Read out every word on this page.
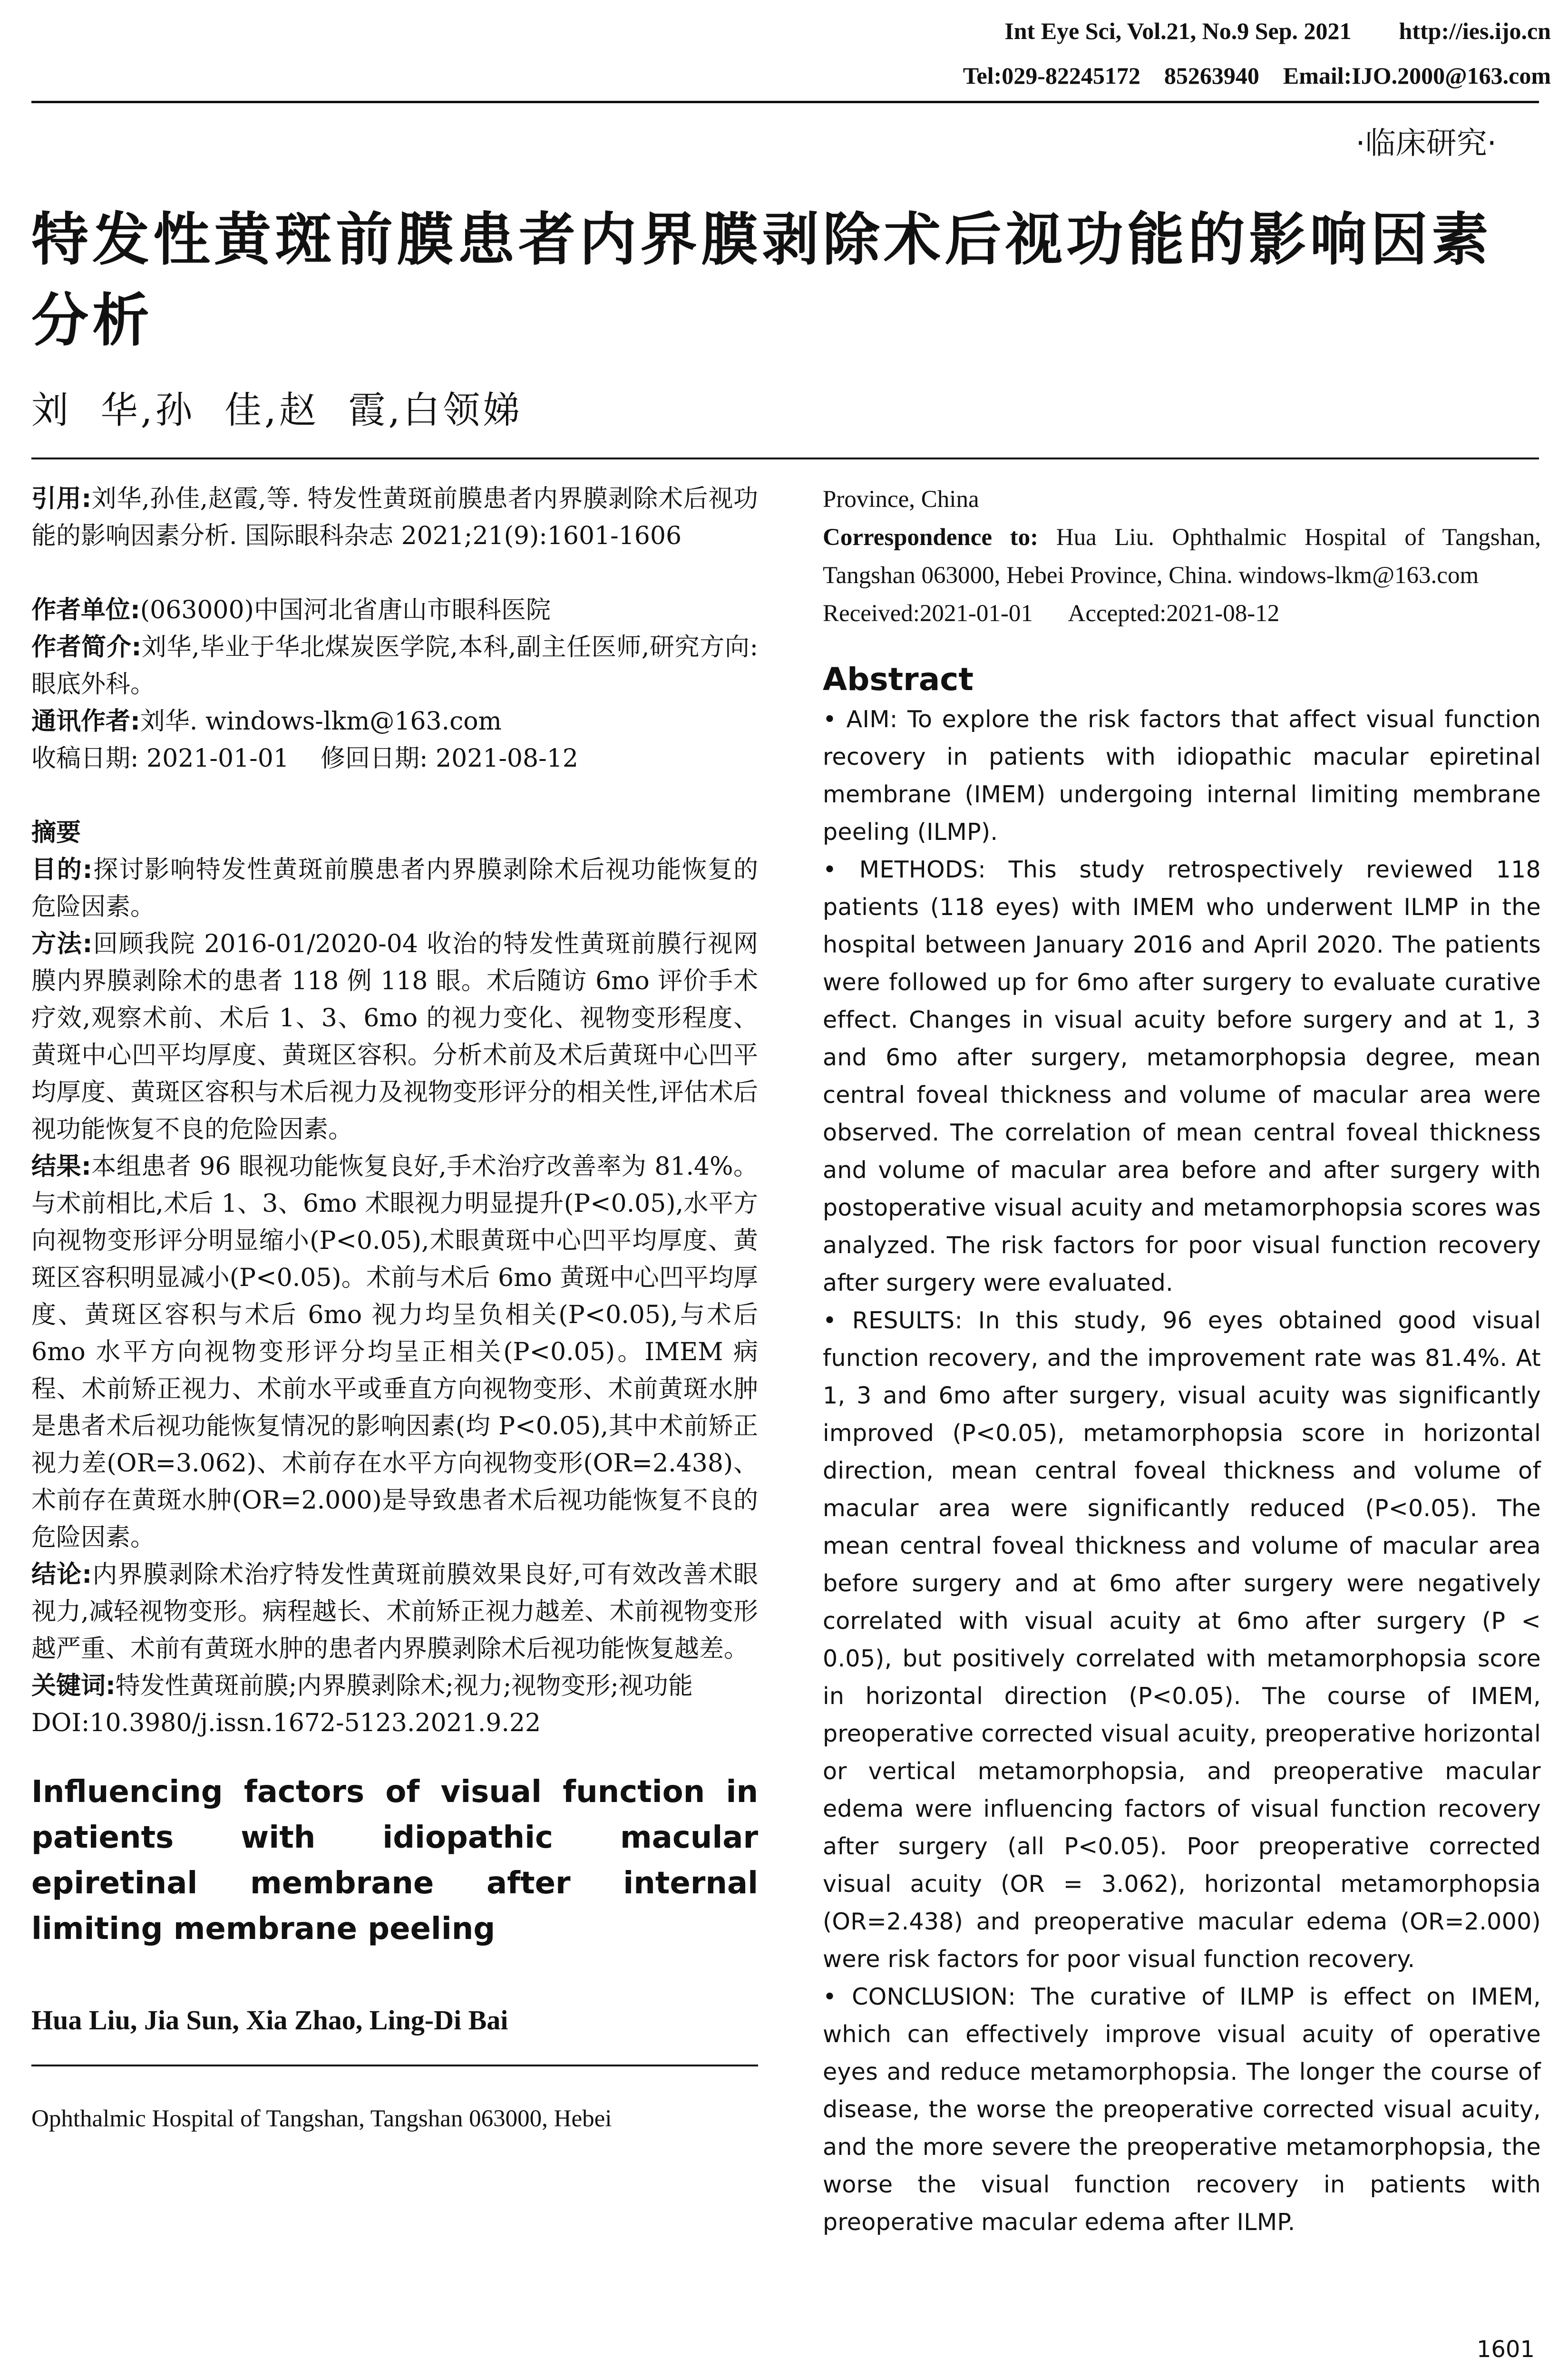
Int Eye Sci, Vol.21, No.9 Sep. 2021        http://ies.ijo.cn
Tel:029-82245172    85263940    Email:IJO.2000@163.com
·临床研究·
特发性黄斑前膜患者内界膜剥除术后视功能的影响因素分析
刘  华,孙  佳,赵  霞,白领娣

引用:刘华,孙佳,赵霞,等. 特发性黄斑前膜患者内界膜剥除术后视功能的影响因素分析. 国际眼科杂志 2021;21(9):1601-1606

作者单位:(063000)中国河北省唐山市眼科医院

作者简介:刘华,毕业于华北煤炭医学院,本科,副主任医师,研究方向:眼底外科。

通讯作者:刘华. windows-lkm@163.com

收稿日期: 2021-01-01    修回日期: 2021-08-12

摘要

目的:探讨影响特发性黄斑前膜患者内界膜剥除术后视功能恢复的危险因素。

方法:回顾我院 2016-01/2020-04 收治的特发性黄斑前膜行视网膜内界膜剥除术的患者 118 例 118 眼。术后随访 6mo 评价手术疗效,观察术前、术后 1、3、6mo 的视力变化、视物变形程度、黄斑中心凹平均厚度、黄斑区容积。分析术前及术后黄斑中心凹平均厚度、黄斑区容积与术后视力及视物变形评分的相关性,评估术后视功能恢复不良的危险因素。

结果:本组患者 96 眼视功能恢复良好,手术治疗改善率为 81.4%。与术前相比,术后 1、3、6mo 术眼视力明显提升(P<0.05),水平方向视物变形评分明显缩小(P<0.05),术眼黄斑中心凹平均厚度、黄斑区容积明显减小(P<0.05)。术前与术后 6mo 黄斑中心凹平均厚度、黄斑区容积与术后 6mo 视力均呈负相关(P<0.05),与术后 6mo 水平方向视物变形评分均呈正相关(P<0.05)。IMEM 病程、术前矫正视力、术前水平或垂直方向视物变形、术前黄斑水肿是患者术后视功能恢复情况的影响因素(均 P<0.05),其中术前矫正视力差(OR=3.062)、术前存在水平方向视物变形(OR=2.438)、术前存在黄斑水肿(OR=2.000)是导致患者术后视功能恢复不良的危险因素。

结论:内界膜剥除术治疗特发性黄斑前膜效果良好,可有效改善术眼视力,减轻视物变形。病程越长、术前矫正视力越差、术前视物变形越严重、术前有黄斑水肿的患者内界膜剥除术后视功能恢复越差。

关键词:特发性黄斑前膜;内界膜剥除术;视力;视物变形;视功能

DOI:10.3980/j.issn.1672-5123.2021.9.22

Influencing factors of visual function in patients with idiopathic macular epiretinal membrane after internal limiting membrane peeling

Hua Liu, Jia Sun, Xia Zhao, Ling-Di Bai

Ophthalmic Hospital of Tangshan, Tangshan 063000, Hebei

Province, China

Correspondence to: Hua Liu. Ophthalmic Hospital of Tangshan, Tangshan 063000, Hebei Province, China. windows-lkm@163.com

Received:2021-01-01      Accepted:2021-08-12

Abstract

• AIM: To explore the risk factors that affect visual function recovery in patients with idiopathic macular epiretinal membrane (IMEM) undergoing internal limiting membrane peeling (ILMP).

• METHODS: This study retrospectively reviewed 118 patients (118 eyes) with IMEM who underwent ILMP in the hospital between January 2016 and April 2020. The patients were followed up for 6mo after surgery to evaluate curative effect. Changes in visual acuity before surgery and at 1, 3 and 6mo after surgery, metamorphopsia degree, mean central foveal thickness and volume of macular area were observed. The correlation of mean central foveal thickness and volume of macular area before and after surgery with postoperative visual acuity and metamorphopsia scores was analyzed. The risk factors for poor visual function recovery after surgery were evaluated.

• RESULTS: In this study, 96 eyes obtained good visual function recovery, and the improvement rate was 81.4%. At 1, 3 and 6mo after surgery, visual acuity was significantly improved (P<0.05), metamorphopsia score in horizontal direction, mean central foveal thickness and volume of macular area were significantly reduced (P<0.05). The mean central foveal thickness and volume of macular area before surgery and at 6mo after surgery were negatively correlated with visual acuity at 6mo after surgery (P < 0.05), but positively correlated with metamorphopsia score in horizontal direction (P<0.05). The course of IMEM, preoperative corrected visual acuity, preoperative horizontal or vertical metamorphopsia, and preoperative macular edema were influencing factors of visual function recovery after surgery (all P<0.05). Poor preoperative corrected visual acuity (OR = 3.062), horizontal metamorphopsia (OR=2.438) and preoperative macular edema (OR=2.000) were risk factors for poor visual function recovery.

• CONCLUSION: The curative of ILMP is effect on IMEM, which can effectively improve visual acuity of operative eyes and reduce metamorphopsia. The longer the course of disease, the worse the preoperative corrected visual acuity, and the more severe the preoperative metamorphopsia, the worse the visual function recovery in patients with preoperative macular edema after ILMP.

1601
